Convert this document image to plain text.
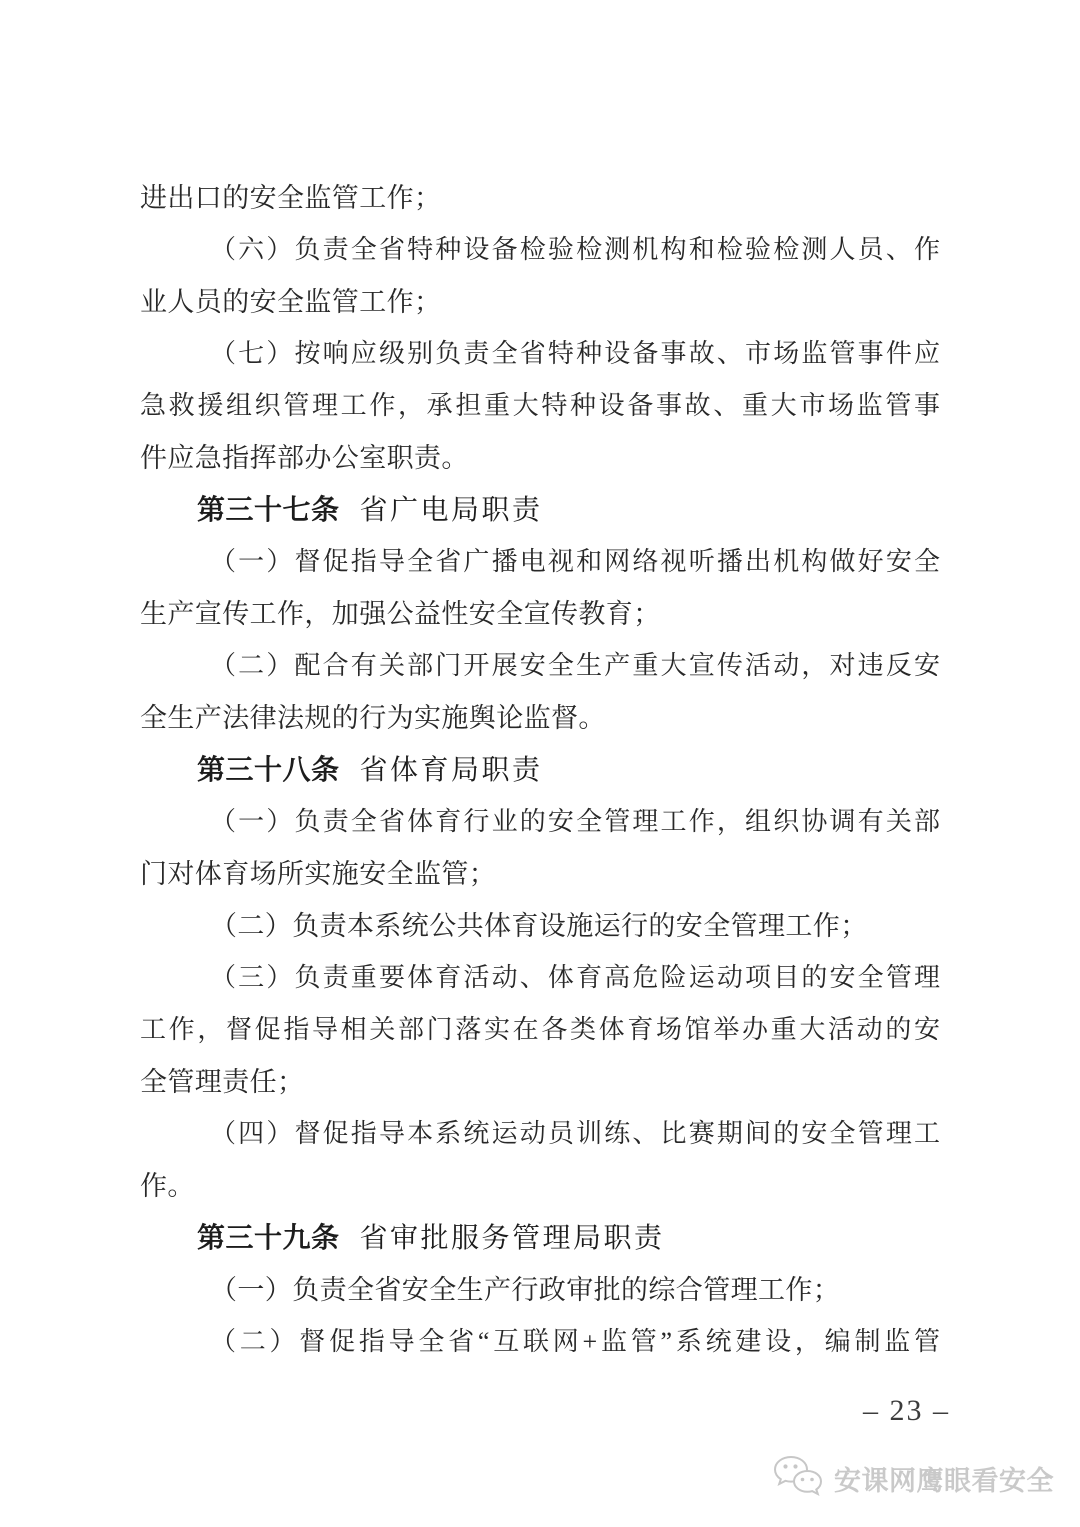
进出口的安全监管工作；
（六）负责全省特种设备检验检测机构和检验检测人员、作
业人员的安全监管工作；
（七）按响应级别负责全省特种设备事故、市场监管事件应
急救援组织管理工作，承担重大特种设备事故、重大市场监管事
件应急指挥部办公室职责。
第三十七条 省广电局职责
（一）督促指导全省广播电视和网络视听播出机构做好安全
生产宣传工作，加强公益性安全宣传教育；
（二）配合有关部门开展安全生产重大宣传活动，对违反安
全生产法律法规的行为实施舆论监督。
第三十八条 省体育局职责
（一）负责全省体育行业的安全管理工作，组织协调有关部
门对体育场所实施安全监管；
（二）负责本系统公共体育设施运行的安全管理工作；
（三）负责重要体育活动、体育高危险运动项目的安全管理
工作，督促指导相关部门落实在各类体育场馆举办重大活动的安
全管理责任；
（四）督促指导本系统运动员训练、比赛期间的安全管理工
作。
第三十九条 省审批服务管理局职责
（一）负责全省安全生产行政审批的综合管理工作；
（二）督促指导全省“互联网+监管”系统建设，编制监管
– 23 –
安课网鹰眼看安全
